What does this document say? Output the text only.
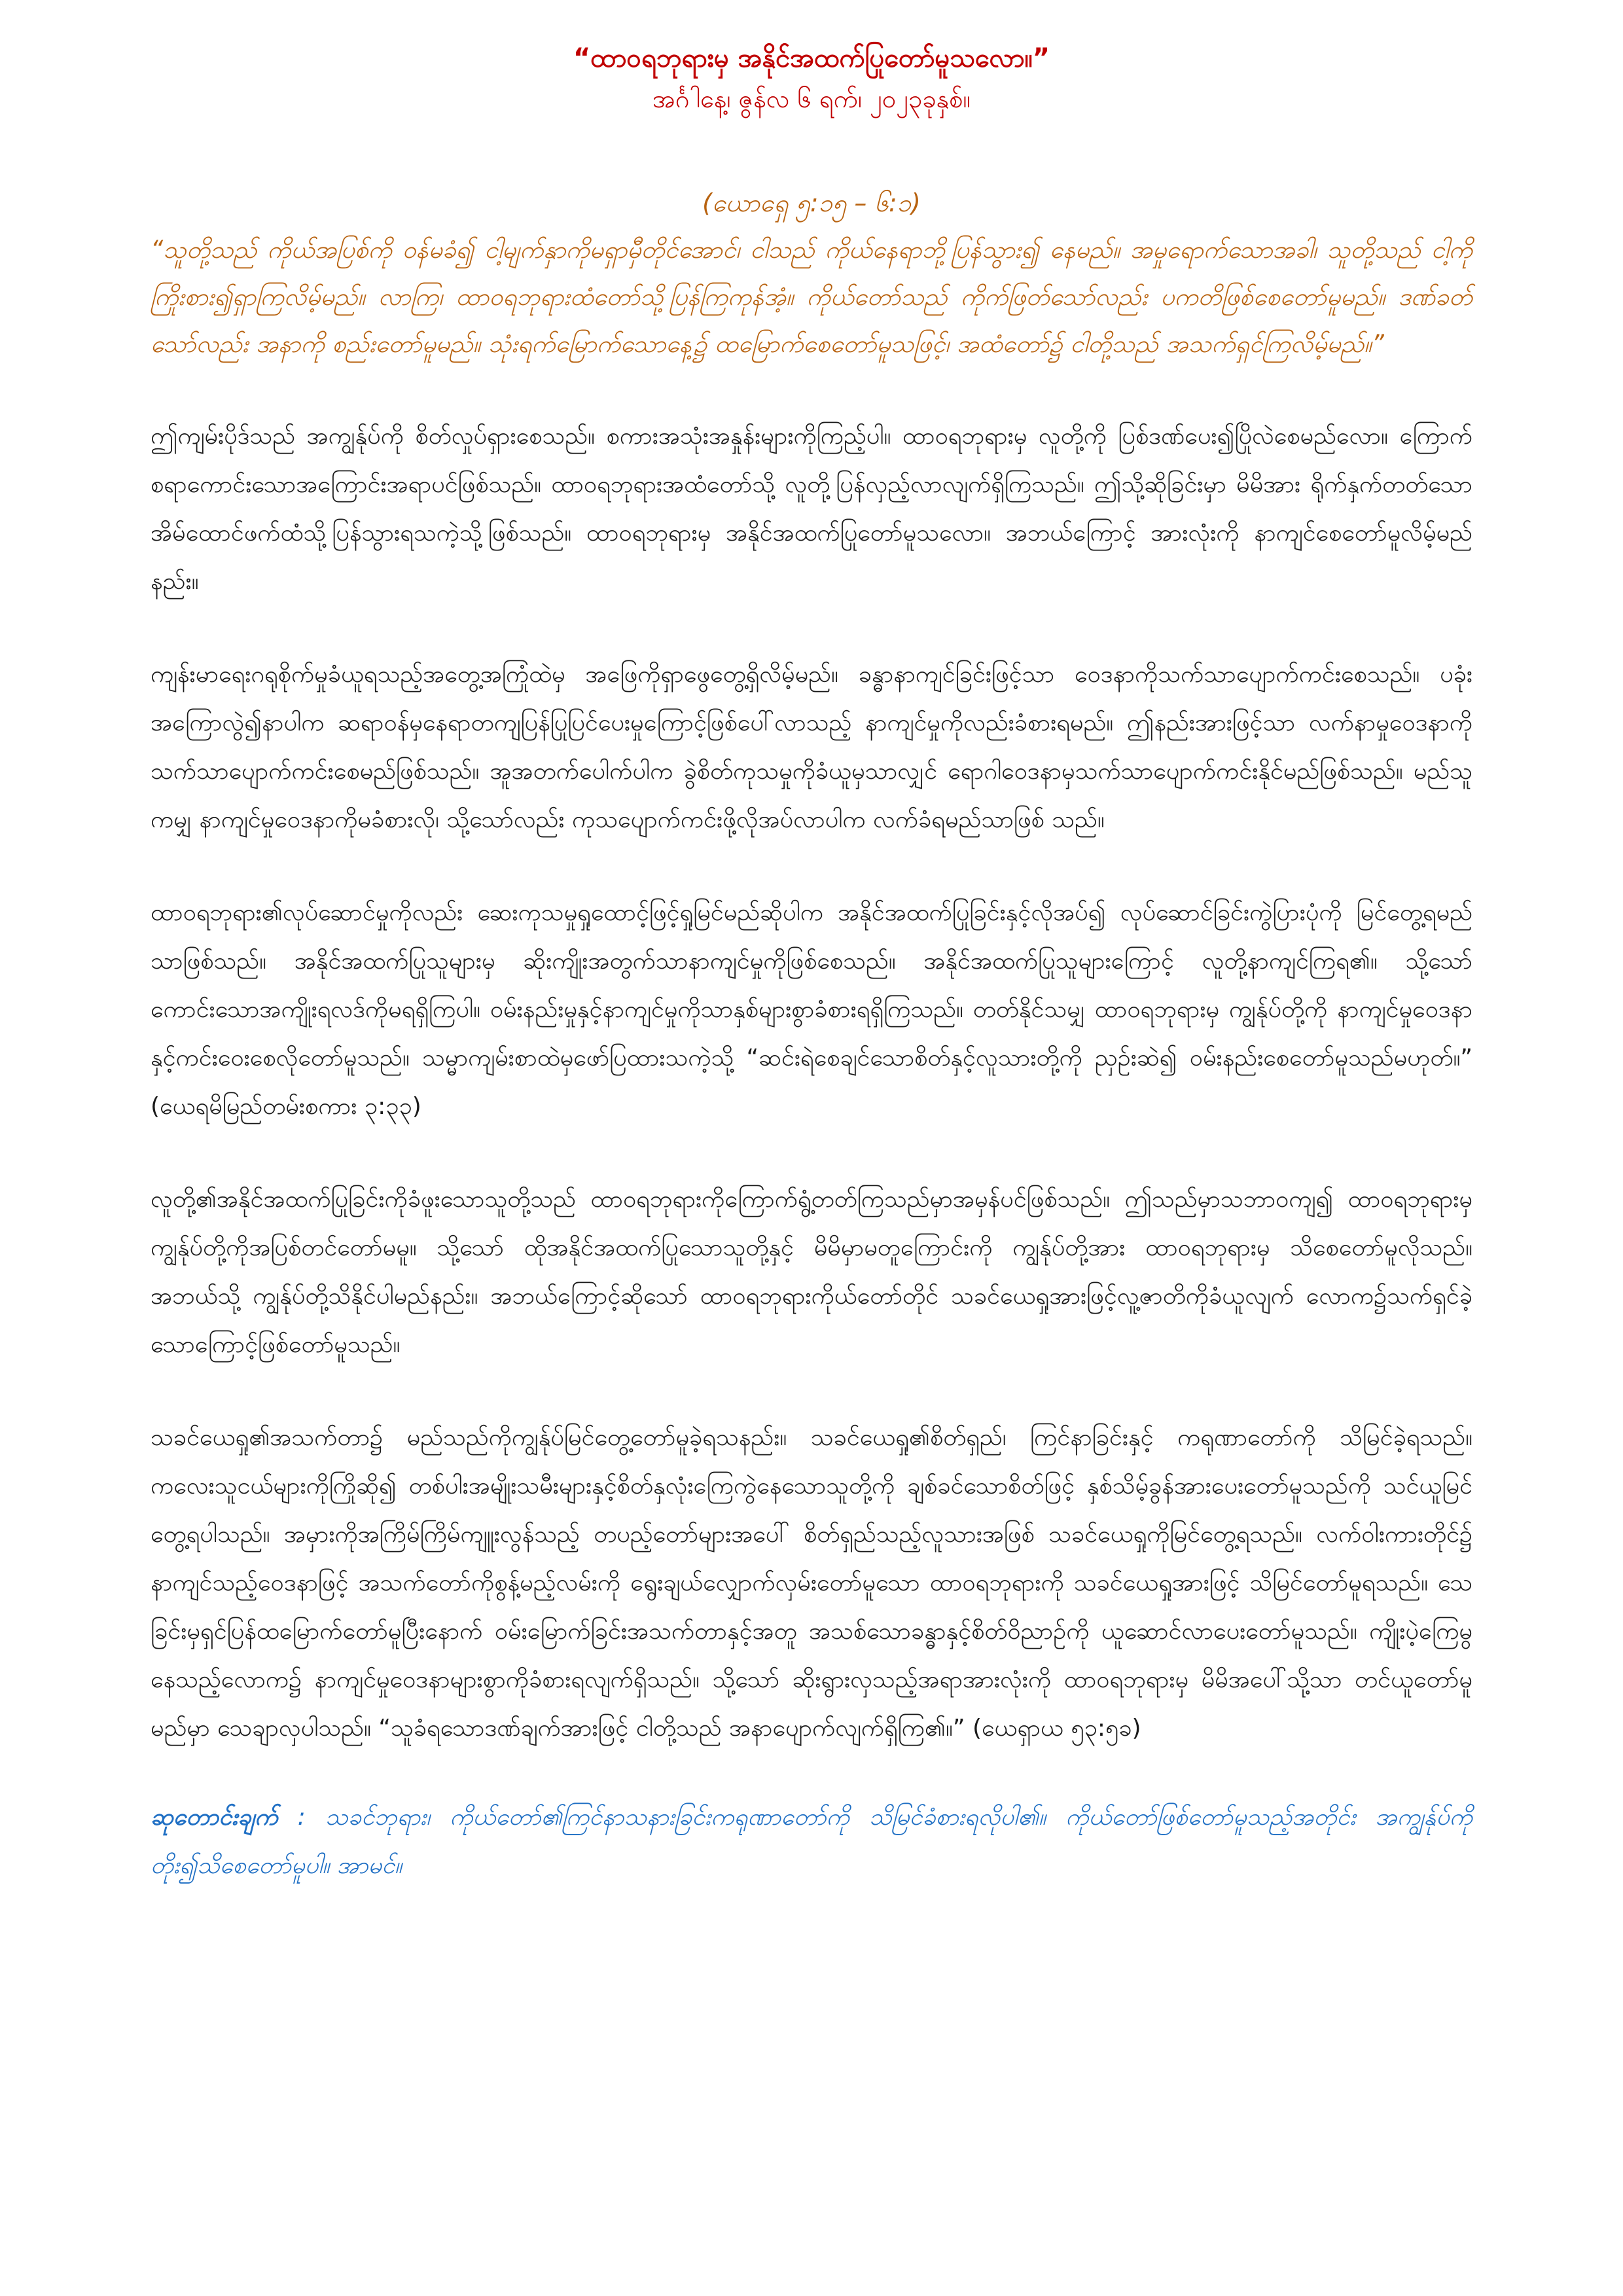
“ထာဝရဘုရားမှ အနိုင်အထက်ပြုတော်မူသလော။”

အင်္ဂါနေ့၊ ဇွန်လ ၆ ရက်၊ ၂၀၂၃ခုနှစ်။

(ယောရှေ ၅:၁၅ – ၆:၁)

“သူတို့သည် ကိုယ်အပြစ်ကို ဝန်မခံ၍ ငါ့မျက်နှာကိုမရှာမှီတိုင်အောင်၊ ငါသည် ကိုယ်နေရာဘို့ပြန်သွား၍ နေမည်။ အမှုရောက်သောအခါ၊ သူတို့သည် ငါ့ကိုကြိုးစား၍ရှာကြလိမ့်မည်။ လာကြ၊ ထာဝရဘုရားထံတော်သို့ပြန်ကြကုန်အံ့။ ကိုယ်တော်သည် ကိုက်ဖြတ်သော်လည်း ပကတိဖြစ်စေတော်မူမည်။ ဒဏ်ခတ်သော်လည်း အနာကို စည်းတော်မူမည်။ သုံးရက်မြောက်သောနေ့၌ ထမြောက်စေတော်မူသဖြင့်၊ အထံတော်၌ ငါတို့သည် အသက်ရှင်ကြလိမ့်မည်။”

ဤကျမ်းပိုဒ်သည် အကျွန်ုပ်ကို စိတ်လှုပ်ရှားစေသည်။ စကားအသုံးအနှုန်းများကိုကြည့်ပါ။ ထာဝရဘုရားမှ လူတို့ကို ပြစ်ဒဏ်ပေး၍ပြိုလဲစေမည်လော။ ကြောက်စရာကောင်းသောအကြောင်းအရာပင်ဖြစ်သည်။ ထာဝရဘုရားအထံတော်သို့ လူတို့ပြန်လှည့်လာလျက်ရှိကြသည်။ ဤသို့ဆိုခြင်းမှာ မိမိအား ရိုက်နှက်တတ်သော အိမ်ထောင်ဖက်ထံသို့ပြန်သွားရသကဲ့သို့ဖြစ်သည်။ ထာဝရဘုရားမှ အနိုင်အထက်ပြုတော်မူသလော။ အဘယ်ကြောင့် အားလုံးကို နာကျင်စေတော်မူလိမ့်မည်နည်း။

ကျန်းမာရေးဂရုစိုက်မှုခံယူရသည့်အတွေ့အကြုံထဲမှ အဖြေကိုရှာဖွေတွေ့ရှိလိမ့်မည်။ ခန္ဓာနာကျင်ခြင်းဖြင့်သာ ဝေဒနာကိုသက်သာပျောက်ကင်းစေသည်။ ပခုံးအကြောလွဲ၍နာပါက ဆရာဝန်မှနေရာတကျပြန်ပြုပြင်ပေးမှုကြောင့်ဖြစ်ပေါ်လာသည့် နာကျင်မှုကိုလည်းခံစားရမည်။ ဤနည်းအားဖြင့်သာ လက်နာမှုဝေဒနာကို သက်သာပျောက်ကင်းစေမည်ဖြစ်သည်။ အူအတက်ပေါက်ပါက ခွဲစိတ်ကုသမှုကိုခံယူမှသာလျှင် ရောဂါဝေဒနာမှသက်သာပျောက်ကင်းနိုင်မည်ဖြစ်သည်။ မည်သူကမျှ နာကျင်မှုဝေဒနာကိုမခံစားလို၊ သို့သော်လည်း ကုသပျောက်ကင်းဖို့လိုအပ်လာပါက လက်ခံရမည်သာဖြစ် သည်။

ထာဝရဘုရား၏လုပ်ဆောင်မှုကိုလည်း ဆေးကုသမှုရှုထောင့်ဖြင့်ရှုမြင်မည်ဆိုပါက အနိုင်အထက်ပြုခြင်းနှင့်လိုအပ်၍ လုပ်ဆောင်ခြင်းကွဲပြားပုံကို မြင်တွေ့ရမည်သာဖြစ်သည်။ အနိုင်အထက်ပြုသူများမှ ဆိုးကျိုးအတွက်သာနာကျင်မှုကိုဖြစ်စေသည်။ အနိုင်အထက်ပြုသူများကြောင့် လူတို့နာကျင်ကြရ၏။ သို့သော်ကောင်းသောအကျိုးရလဒ်ကိုမရရှိကြပါ။ ဝမ်းနည်းမှုနှင့်နာကျင်မှုကိုသာနှစ်များစွာခံစားရရှိကြသည်။ တတ်နိုင်သမျှ ထာဝရဘုရားမှ ကျွန်ုပ်တို့ကို နာကျင်မှုဝေဒနာနှင့်ကင်းဝေးစေလိုတော်မူသည်။ သမ္မာကျမ်းစာထဲမှဖော်ပြထားသကဲ့သို့ “ဆင်းရဲစေချင်သောစိတ်နှင့်လူသားတို့ကို ညှဉ်းဆဲ၍ ဝမ်းနည်းစေတော်မူသည်မဟုတ်။” (ယေရမိမြည်တမ်းစကား ၃:၃၃)

လူတို့၏အနိုင်အထက်ပြုခြင်းကိုခံဖူးသောသူတို့သည် ထာဝရဘုရားကိုကြောက်ရွံ့တတ်ကြသည်မှာအမှန်ပင်ဖြစ်သည်။ ဤသည်မှာသဘာဝကျ၍ ထာဝရဘုရားမှ ကျွန်ုပ်တို့ကိုအပြစ်တင်တော်မမူ။ သို့သော် ထိုအနိုင်အထက်ပြုသောသူတို့နှင့် မိမိမှာမတူကြောင်းကို ကျွန်ုပ်တို့အား ထာဝရဘုရားမှ သိစေတော်မူလိုသည်။ အဘယ်သို့ ကျွန်ုပ်တို့သိနိုင်ပါမည်နည်း။ အဘယ်ကြောင့်ဆိုသော် ထာဝရဘုရားကိုယ်တော်တိုင် သခင်ယေရှုအားဖြင့်လူ့ဇာတိကိုခံယူလျက် လောက၌သက်ရှင်ခဲ့သောကြောင့်ဖြစ်တော်မူသည်။

သခင်ယေရှု၏အသက်တာ၌ မည်သည်ကိုကျွန်ုပ်မြင်တွေ့တော်မူခဲ့ရသနည်း။ သခင်ယေရှု၏စိတ်ရှည်၊ ကြင်နာခြင်းနှင့် ကရုဏာတော်ကို သိမြင်ခဲ့ရသည်။ ကလေးသူငယ်များကိုကြိုဆို၍ တစ်ပါးအမျိုးသမီးများနှင့်စိတ်နှလုံးကြေကွဲနေသောသူတို့ကို ချစ်ခင်သောစိတ်ဖြင့် နှစ်သိမ့်ခွန်အားပေးတော်မူသည်ကို သင်ယူမြင်တွေ့ရပါသည်။ အမှားကိုအကြိမ်ကြိမ်ကျူးလွန်သည့် တပည့်တော်များအပေါ် စိတ်ရှည်သည့်လူသားအဖြစ် သခင်ယေရှုကိုမြင်တွေ့ရသည်။ လက်ဝါးကားတိုင်၌ နာကျင်သည့်ဝေဒနာဖြင့် အသက်တော်ကိုစွန့်မည့်လမ်းကို ရွေးချယ်လျှောက်လှမ်းတော်မူသော ထာဝရဘုရားကို သခင်ယေရှုအားဖြင့် သိမြင်တော်မူရသည်။ သေခြင်းမှရှင်ပြန်ထမြောက်တော်မူပြီးနောက် ဝမ်းမြောက်ခြင်းအသက်တာနှင့်အတူ အသစ်သောခန္ဓာနှင့်စိတ်ဝိညာဉ်ကို ယူဆောင်လာပေးတော်မူသည်။ ကျိုးပဲ့ကြေမွနေသည့်လောက၌ နာကျင်မှုဝေဒနာများစွာကိုခံစားရလျက်ရှိသည်။ သို့သော် ဆိုးရွားလှသည့်အရာအားလုံးကို ထာဝရဘုရားမှ မိမိအပေါ်သို့သာ တင်ယူတော်မူမည်မှာ သေချာလှပါသည်။ “သူခံရသောဒဏ်ချက်အားဖြင့် ငါတို့သည် အနာပျောက်လျက်ရှိကြ၏။” (ယေရှာယ ၅၃:၅ခ)

ဆုတောင်းချက် : သခင်ဘုရား၊ ကိုယ်တော်၏ကြင်နာသနားခြင်းကရုဏာတော်ကို သိမြင်ခံစားရလိုပါ၏။ ကိုယ်တော်ဖြစ်တော်မူသည့်အတိုင်း အကျွန်ုပ်ကို တိုး၍သိစေတော်မူပါ။ အာမင်။
